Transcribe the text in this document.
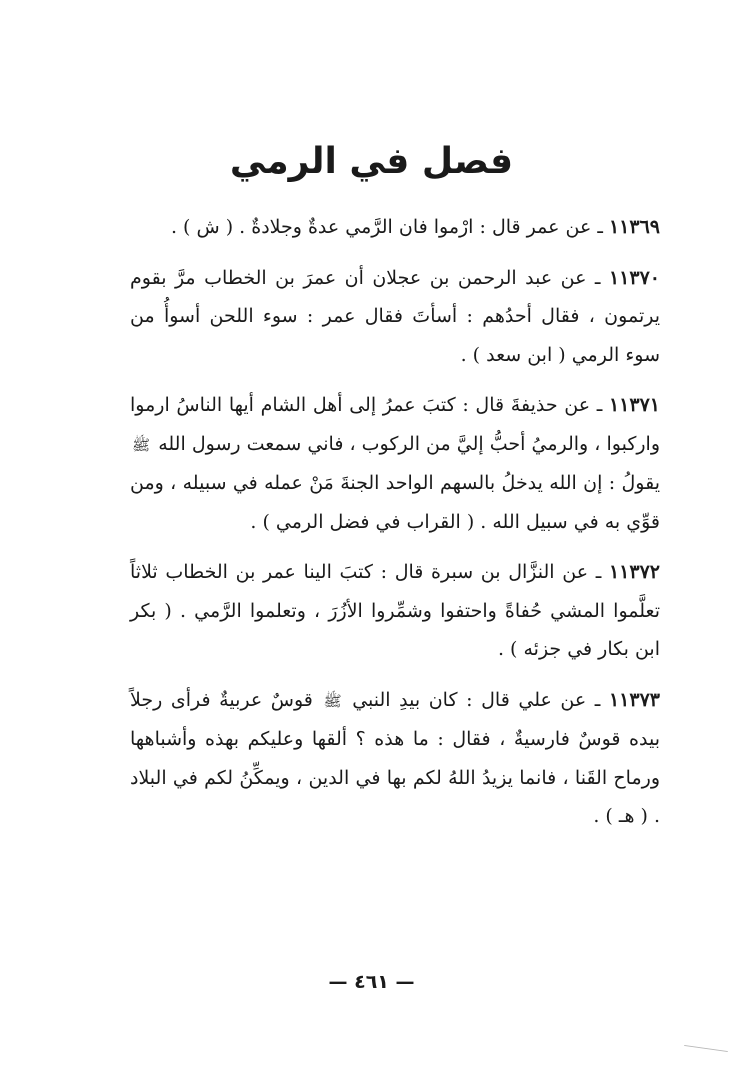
فصل في الرمي

١١٣٦٩ ـ عن عمر قال : ارْموا فان الرَّمي عدةٌ وجلادةٌ . ( ش ) .

١١٣٧٠ ـ عن عبد الرحمن بن عجلان أن عمرَ بن الخطاب مرَّ بقوم يرتمون ، فقال أحدُهم : أسأتَ فقال عمر : سوء اللحن أسوأُ من سوء الرمي ( ابن سعد ) .

١١٣٧١ ـ عن حذيفةَ قال : كتبَ عمرُ إلى أهل الشام أيها الناسُ ارموا واركبوا ، والرميُ أحبُّ إليَّ من الركوب ، فاني سمعت رسول الله ﷺ يقولُ : إن الله يدخلُ بالسهم الواحد الجنةَ مَنْ عمله في سبيله ، ومن قوِّي به في سبيل الله . ( القراب في فضل الرمي ) .

١١٣٧٢ ـ عن النزَّال بن سبرة قال : كتبَ الينا عمر بن الخطاب ثلاثاً تعلَّموا المشي حُفاةً واحتفوا وشمِّروا الأزُرَ ، وتعلموا الرَّمي . ( بكر ابن بكار في جزئه ) .

١١٣٧٣ ـ عن علي قال : كان بيدِ النبي ﷺ قوسٌ عربيةٌ فرأى رجلاً بيده قوسٌ فارسيةٌ ، فقال : ما هذه ؟ ألقها وعليكم بهذه وأشباهها ورماح القَنا ، فانما يزيدُ اللهُ لكم بها في الدين ، ويمكِّنُ لكم في البلاد . ( هـ ) .

— ٤٦١ —
